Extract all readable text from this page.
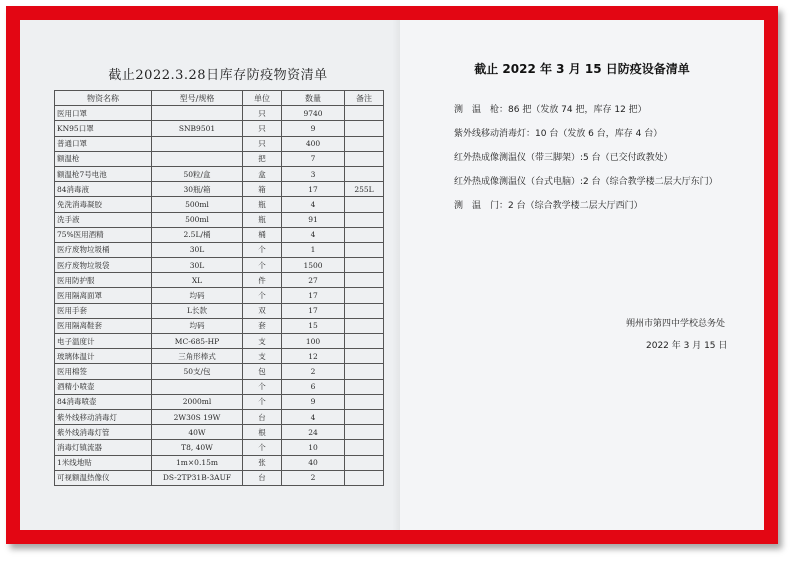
截止2022.3.28日库存防疫物资清单
物资名称	型号/规格	单位	数量	备注
医用口罩		只	9740	
KN95口罩	SNB9501	只	9	
普通口罩		只	400	
额温枪		把	7	
额温枪7号电池	50粒/盒	盒	3	
84消毒液	30瓶/箱	箱	17	255L
免洗消毒凝胶	500ml	瓶	4	
洗手液	500ml	瓶	91	
75%医用酒精	2.5L/桶	桶	4	
医疗废物垃圾桶	30L	个	1	
医疗废物垃圾袋	30L	个	1500	
医用防护服	XL	件	27	
医用隔离面罩	均码	个	17	
医用手套	L长款	双	17	
医用隔离鞋套	均码	套	15	
电子温度计	MC-685-HP	支	100	
玻璃体温计	三角形棒式	支	12	
医用棉签	50支/包	包	2	
酒精小喷壶		个	6	
84消毒喷壶	2000ml	个	9	
紫外线移动消毒灯	2W30S 19W	台	4	
紫外线消毒灯管	40W	根	24	
消毒灯镇流器	T8, 40W	个	10	
1米线地贴	1m×0.15m	张	40	
可视额温热像仪	DS-2TP31B-3AUF	台	2	
截止 2022 年 3 月 15 日防疫设备清单
测　温　枪：86 把（发放 74 把，库存 12 把）
紫外线移动消毒灯：10 台（发放 6 台，库存 4 台）
红外热成像测温仪（带三脚架）:5 台（已交付政教处）
红外热成像测温仪（台式电脑）:2 台（综合教学楼二层大厅东门）
测　温　门：2 台（综合教学楼二层大厅西门）
朔州市第四中学校总务处
2022 年 3 月 15 日
